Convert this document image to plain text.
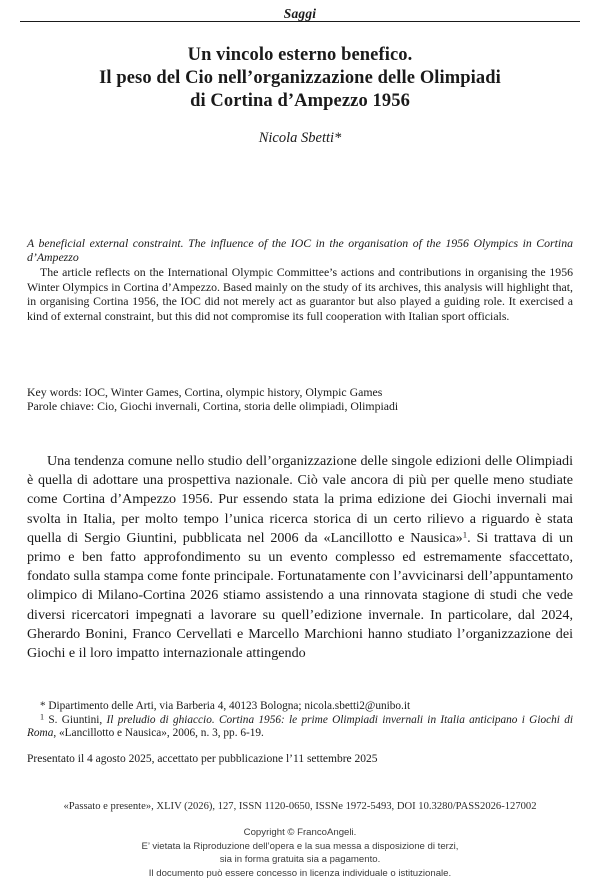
Saggi
Un vincolo esterno benefico.
Il peso del Cio nell’organizzazione delle Olimpiadi
di Cortina d’Ampezzo 1956
Nicola Sbetti*

A beneficial external constraint. The influence of the IOC in the organisation of the 1956 Olympics in Cortina d’Ampezzo

The article reflects on the International Olympic Committee’s actions and contributions in organising the 1956 Winter Olympics in Cortina d’Ampezzo. Based mainly on the study of its archives, this analysis will highlight that, in organising Cortina 1956, the IOC did not merely act as guarantor but also played a guiding role. It exercised a kind of external constraint, but this did not compromise its full cooperation with Italian sport officials.

Key words: IOC, Winter Games, Cortina, olympic history, Olympic Games

Parole chiave: Cio, Giochi invernali, Cortina, storia delle olimpiadi, Olimpiadi

Una tendenza comune nello studio dell’organizzazione delle singole edizioni delle Olimpiadi è quella di adottare una prospettiva nazionale. Ciò vale ancora di più per quelle meno studiate come Cortina d’Ampezzo 1956. Pur essendo stata la prima edizione dei Giochi invernali mai svolta in Italia, per molto tempo l’unica ricerca storica di un certo rilievo a riguardo è stata quella di Sergio Giuntini, pubblicata nel 2006 da «Lancillotto e Nausica»$^1$. Si trattava di un primo e ben fatto approfondimento su un evento complesso ed estremamente sfaccettato, fondato sulla stampa come fonte principale. Fortunatamente con l’avvicinarsi dell’appuntamento olimpico di Milano-Cortina 2026 stiamo assistendo a una rinnovata stagione di studi che vede diversi ricercatori impegnati a lavorare su quell’edizione invernale. In particolare, dal 2024, Gherardo Bonini, Franco Cervellati e Marcello Marchioni hanno studiato l’organizzazione dei Giochi e il loro impatto internazionale attingendo

* Dipartimento delle Arti, via Barberia 4, 40123 Bologna; nicola.sbetti2@unibo.it

$^1$ S. Giuntini, Il preludio di ghiaccio. Cortina 1956: le prime Olimpiadi invernali in Italia anticipano i Giochi di Roma, «Lancillotto e Nausica», 2006, n. 3, pp. 6-19.

Presentato il 4 agosto 2025, accettato per pubblicazione l’11 settembre 2025
«Passato e presente», XLIV (2026), 127, ISSN 1120-0650, ISSNe 1972-5493, DOI 10.3280/PASS2026-127002
Copyright © FrancoAngeli.
E’ vietata la Riproduzione dell’opera e la sua messa a disposizione di terzi,
sia in forma gratuita sia a pagamento.
Il documento può essere concesso in licenza individuale o istituzionale.
